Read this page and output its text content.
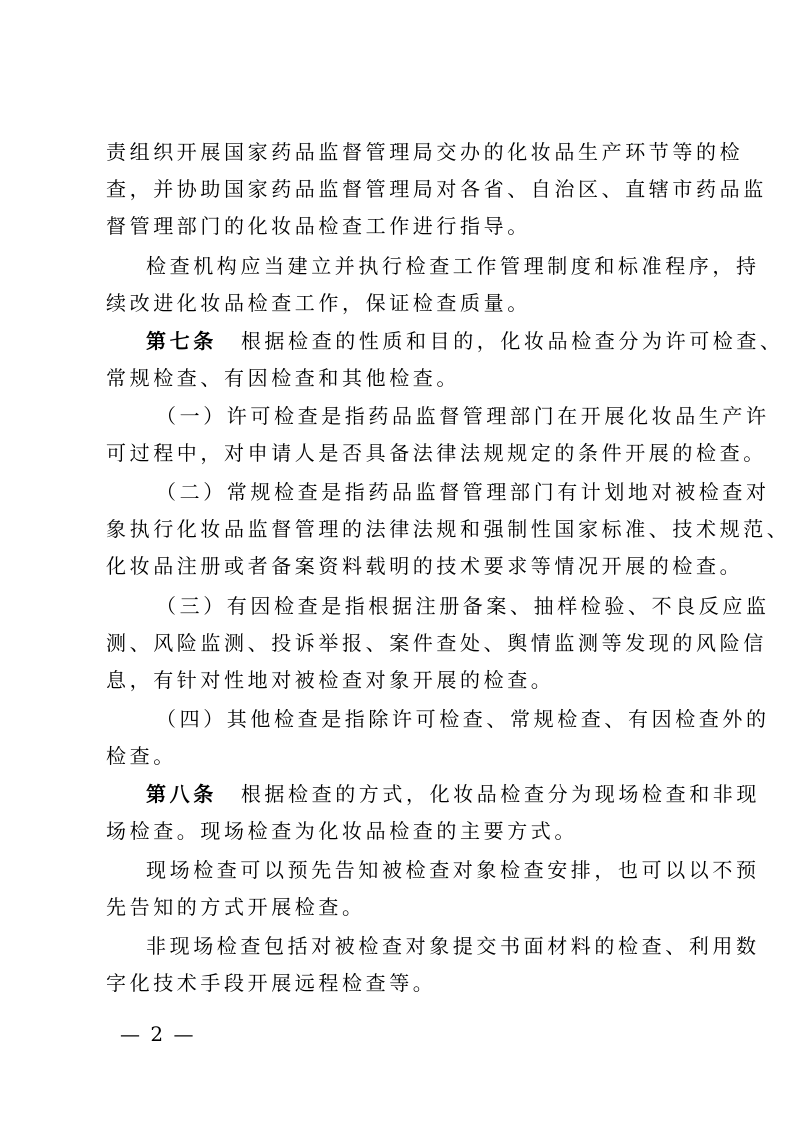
责组织开展国家药品监督管理局交办的化妆品生产环节等的检
查，并协助国家药品监督管理局对各省、自治区、直辖市药品监
督管理部门的化妆品检查工作进行指导。
检查机构应当建立并执行检查工作管理制度和标准程序，持
续改进化妆品检查工作，保证检查质量。
第七条 根据检查的性质和目的，化妆品检查分为许可检查、
常规检查、有因检查和其他检查。
（一）许可检查是指药品监督管理部门在开展化妆品生产许
可过程中，对申请人是否具备法律法规规定的条件开展的检查。
（二）常规检查是指药品监督管理部门有计划地对被检查对
象执行化妆品监督管理的法律法规和强制性国家标准、技术规范、
化妆品注册或者备案资料载明的技术要求等情况开展的检查。
（三）有因检查是指根据注册备案、抽样检验、不良反应监
测、风险监测、投诉举报、案件查处、舆情监测等发现的风险信
息，有针对性地对被检查对象开展的检查。
（四）其他检查是指除许可检查、常规检查、有因检查外的
检查。
第八条 根据检查的方式，化妆品检查分为现场检查和非现
场检查。现场检查为化妆品检查的主要方式。
现场检查可以预先告知被检查对象检查安排，也可以以不预
先告知的方式开展检查。
非现场检查包括对被检查对象提交书面材料的检查、利用数
字化技术手段开展远程检查等。
— 2 —
